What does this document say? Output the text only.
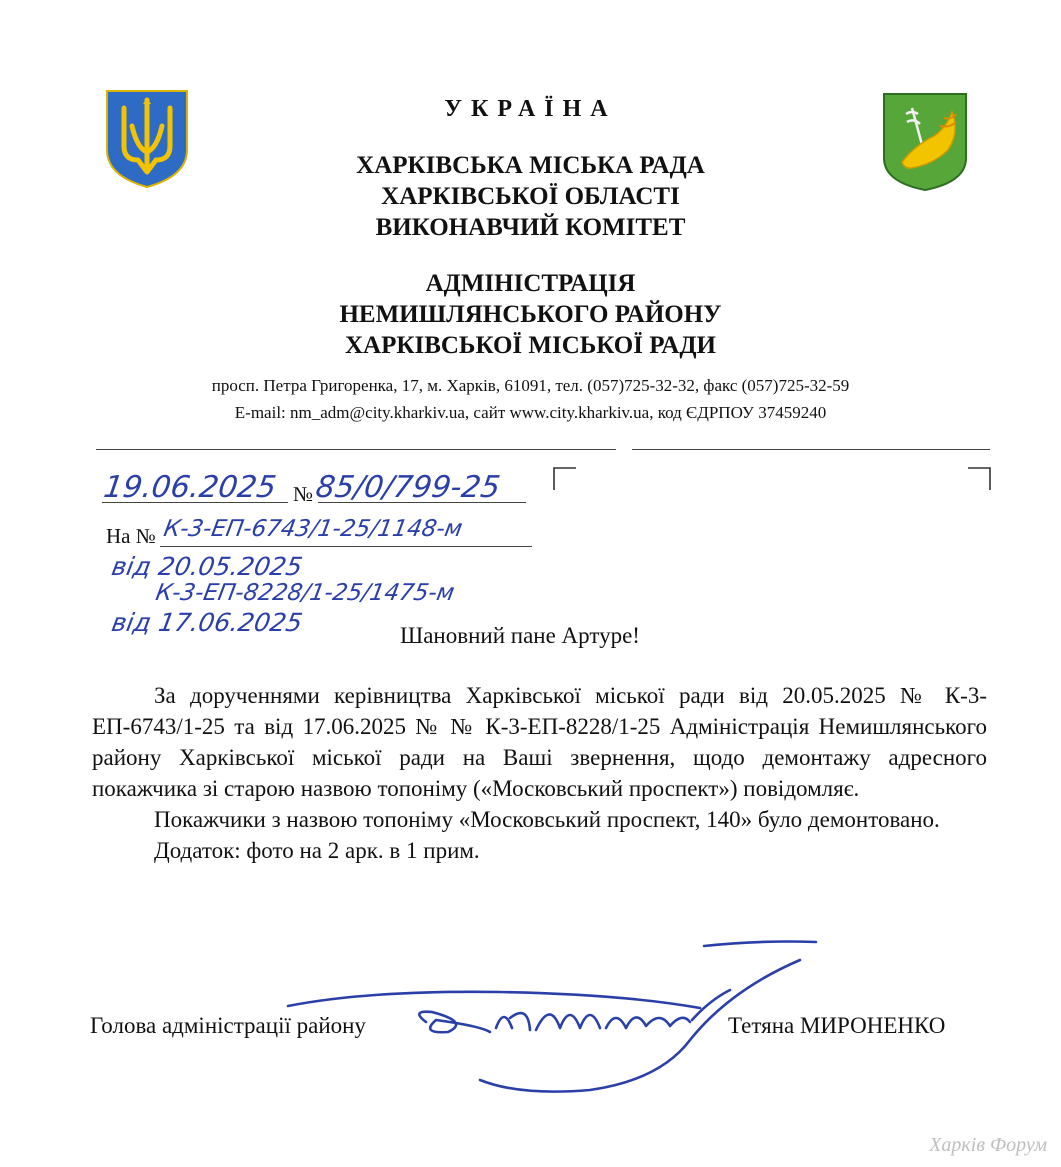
УКРАЇНА
ХАРКІВСЬКА МІСЬКА РАДА
ХАРКІВСЬКОЇ ОБЛАСТІ
ВИКОНАВЧИЙ КОМІТЕТ
АДМІНІСТРАЦІЯ
НЕМИШЛЯНСЬКОГО РАЙОНУ
ХАРКІВСЬКОЇ МІСЬКОЇ РАДИ
просп. Петра Григоренка, 17, м. Харків, 61091, тел. (057)725-32-32, факс (057)725-32-59
E-mail: nm_adm@city.kharkiv.ua, сайт www.city.kharkiv.ua, код ЄДРПОУ 37459240
19.06.2025 № 85/0/799-25
На № К-3-ЕП-6743/1-25/1148-м
від 20.05.2025
К-3-ЕП-8228/1-25/1475-м
від 17.06.2025	Шановний пане Артуре!

За дорученнями керівництва Харківської міської ради від 20.05.2025 № К-3-ЕП-6743/1-25 та від 17.06.2025 № № К-3-ЕП-8228/1-25 Адміністрація Немишлянського району Харківської міської ради на Ваші звернення, щодо демонтажу адресного покажчика зі старою назвою топоніму («Московський проспект») повідомляє.

Покажчики з назвою топоніму «Московський проспект, 140» було демонтовано.

Додаток: фото на 2 арк. в 1 прим.

Голова адміністрації району	Тетяна МИРОНЕНКО
Харків Форум
